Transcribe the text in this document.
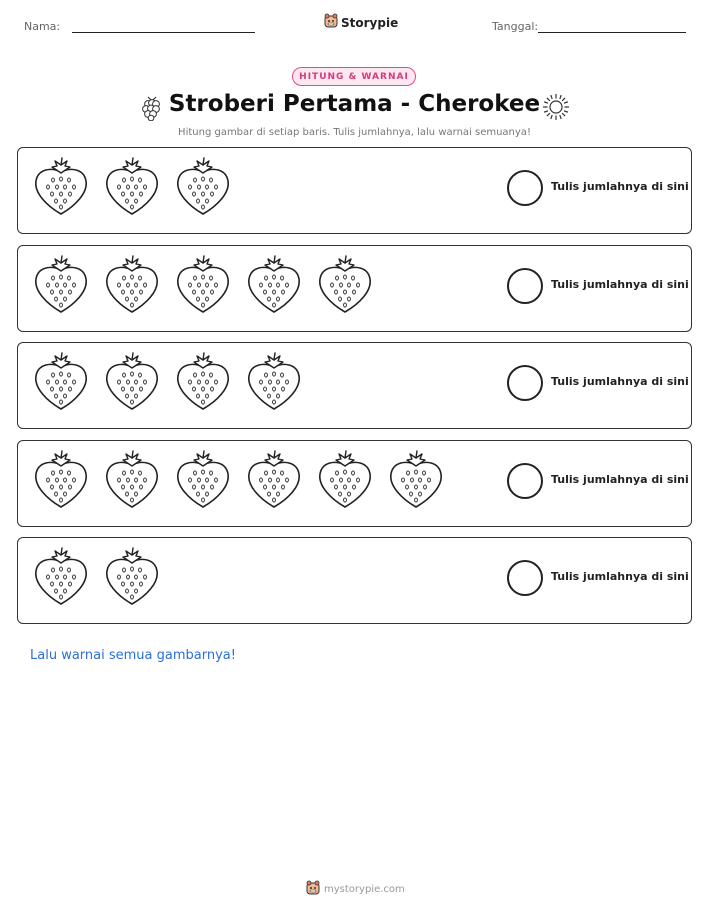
Nama:	Storypie	Tanggal:
HITUNG & WARNAI
Stroberi Pertama - Cherokee
Hitung gambar di setiap baris. Tulis jumlahnya, lalu warnai semuanya!
Tulis jumlahnya di sini
Tulis jumlahnya di sini
Tulis jumlahnya di sini
Tulis jumlahnya di sini
Tulis jumlahnya di sini
Lalu warnai semua gambarnya!
mystorypie.com
